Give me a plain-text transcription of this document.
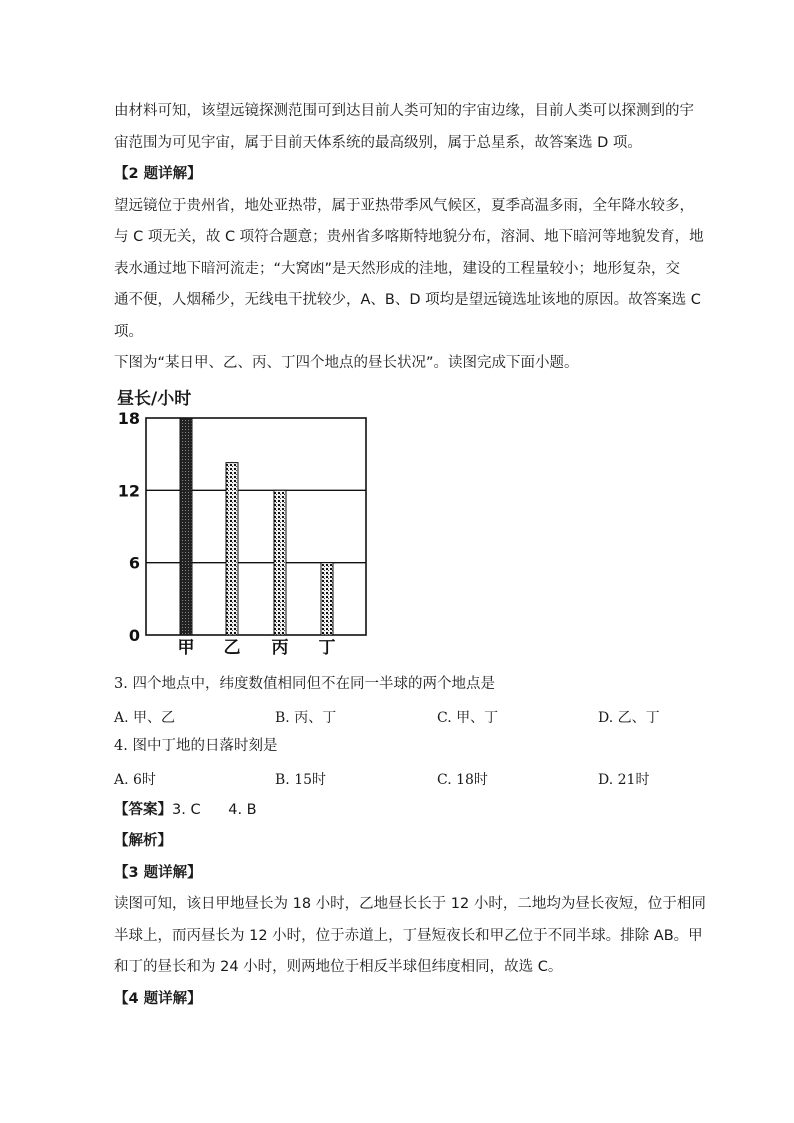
由材料可知，该望远镜探测范围可到达目前人类可知的宇宙边缘，目前人类可以探测到的宇

宙范围为可见宇宙，属于目前天体系统的最高级别，属于总星系，故答案选 D 项。

【2 题详解】

望远镜位于贵州省，地处亚热带，属于亚热带季风气候区，夏季高温多雨，全年降水较多，

与 C 项无关，故 C 项符合题意；贵州省多喀斯特地貌分布，溶洞、地下暗河等地貌发育，地

表水通过地下暗河流走；“大窝凼”是天然形成的洼地，建设的工程量较小；地形复杂，交

通不便，人烟稀少，无线电干扰较少，A、B、D 项均是望远镜选址该地的原因。故答案选 C

项。

下图为“某日甲、乙、丙、丁四个地点的昼长状况”。读图完成下面小题。

昼长/小时
0
6
12
18
甲 乙 丙 丁

3. 四个地点中，纬度数值相同但不在同一半球的两个地点是

A. 甲、乙	B. 丙、丁	C. 甲、丁	D. 乙、丁

4. 图中丁地的日落时刻是

A. 6时	B. 15时	C. 18时	D. 21时

【答案】3. C      4. B

【解析】

【3 题详解】

读图可知，该日甲地昼长为 18 小时，乙地昼长长于 12 小时，二地均为昼长夜短，位于相同

半球上，而丙昼长为 12 小时，位于赤道上，丁昼短夜长和甲乙位于不同半球。排除 AB。甲

和丁的昼长和为 24 小时，则两地位于相反半球但纬度相同，故选 C。

【4 题详解】
